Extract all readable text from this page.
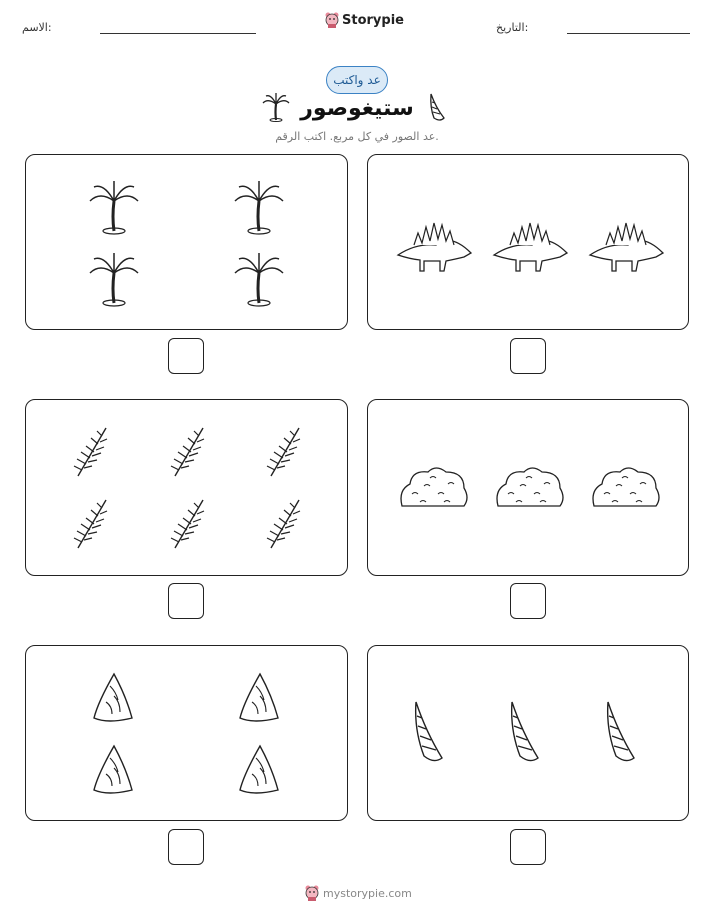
الاسم:	Storypie	التاريخ:
عد واكتب
ستيغوصور
عد الصور في كل مربع. اكتب الرقم.
mystorypie.com
